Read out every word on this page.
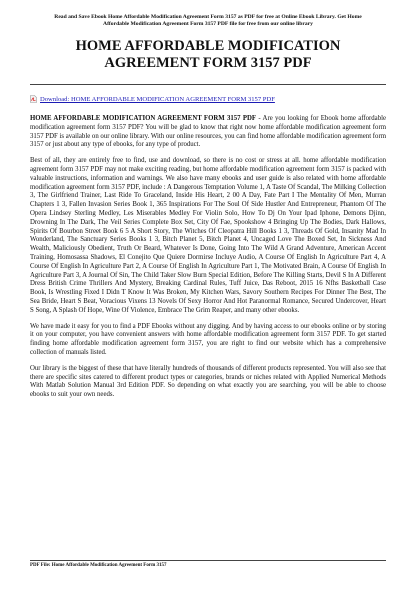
Read and Save Ebook Home Affordable Modification Agreement Form 3157 as PDF for free at Online Ebook Library. Get Home
Affordable Modification Agreement Form 3157 PDF file for free from our online library
HOME AFFORDABLE MODIFICATION
AGREEMENT FORM 3157 PDF
Download: HOME AFFORDABLE MODIFICATION AGREEMENT FORM 3157 PDF

HOME AFFORDABLE MODIFICATION AGREEMENT FORM 3157 PDF - Are you looking for Ebook home affordable modification agreement form 3157 PDF? You will be glad to know that right now home affordable modification agreement form 3157 PDF is available on our online library. With our online resources, you can find home affordable modification agreement form 3157 or just about any type of ebooks, for any type of product.

Best of all, they are entirely free to find, use and download, so there is no cost or stress at all. home affordable modification agreement form 3157 PDF may not make exciting reading, but home affordable modification agreement form 3157 is packed with valuable instructions, information and warnings. We also have many ebooks and user guide is also related with home affordable modification agreement form 3157 PDF, include : A Dangerous Temptation Volume 1, A Taste Of Scandal, The Milking Collection 3, The Girlfriend Trainer, Last Ride To Graceland, Inside His Heart, 2 00 A Day, Fate Part I The Mentality Of Men, Murran Chapters 1 3, Fallen Invasion Series Book 1, 365 Inspirations For The Soul Of Side Hustler And Entrepreneur, Phantom Of The Opera Lindsey Sterling Medley, Les Miserables Medley For Violin Solo, How To Dj On Your Ipad Iphone, Demons Djinn, Drowning In The Dark, The Veil Series Complete Box Set, City Of Fae, Spookshow 4 Bringing Up The Bodies, Dark Hallows, Spirits Of Bourbon Street Book 6 5 A Short Story, The Witches Of Cleopatra Hill Books 1 3, Threads Of Gold, Insanity Mad In Wonderland, The Sanctuary Series Books 1 3, Bitch Planet 5, Bitch Planet 4, Uncaged Love The Boxed Set, In Sickness And Wealth, Maliciously Obedient, Truth Or Beard, Whatever Is Done, Going Into The Wild A Grand Adventure, American Accent Training, Homosassa Shadows, El Conejito Que Quiere Dormirse Incluye Audio, A Course Of English In Agriculture Part 4, A Course Of English In Agriculture Part 2, A Course Of English In Agriculture Part 1, The Motivated Brain, A Course Of English In Agriculture Part 3, A Journal Of Sin, The Child Taker Slow Burn Special Edition, Before The Killing Starts, Devil S In A Different Dress British Crime Thrillers And Mystery, Breaking Cardinal Rules, Tuff Juice, Das Reboot, 2015 16 Nfhs Basketball Case Book, Is Wrestling Fixed I Didn T Know It Was Broken, My Kitchen Wars, Savory Southern Recipes For Dinner The Best, The Sea Bride, Heart S Beat, Voracious Vixens 13 Novels Of Sexy Horror And Hot Paranormal Romance, Secured Undercover, Heart S Song, A Splash Of Hope, Wine Of Violence, Embrace The Grim Reaper, and many other ebooks.

We have made it easy for you to find a PDF Ebooks without any digging. And by having access to our ebooks online or by storing it on your computer, you have convenient answers with home affordable modification agreement form 3157 PDF. To get started finding home affordable modification agreement form 3157, you are right to find our website which has a comprehensive collection of manuals listed.

Our library is the biggest of these that have literally hundreds of thousands of different products represented. You will also see that there are specific sites catered to different product types or categories, brands or niches related with Applied Numerical Methods With Matlab Solution Manual 3rd Edition PDF. So depending on what exactly you are searching, you will be able to choose ebooks to suit your own needs.

PDF File: Home Affordable Modification Agreement Form 3157
